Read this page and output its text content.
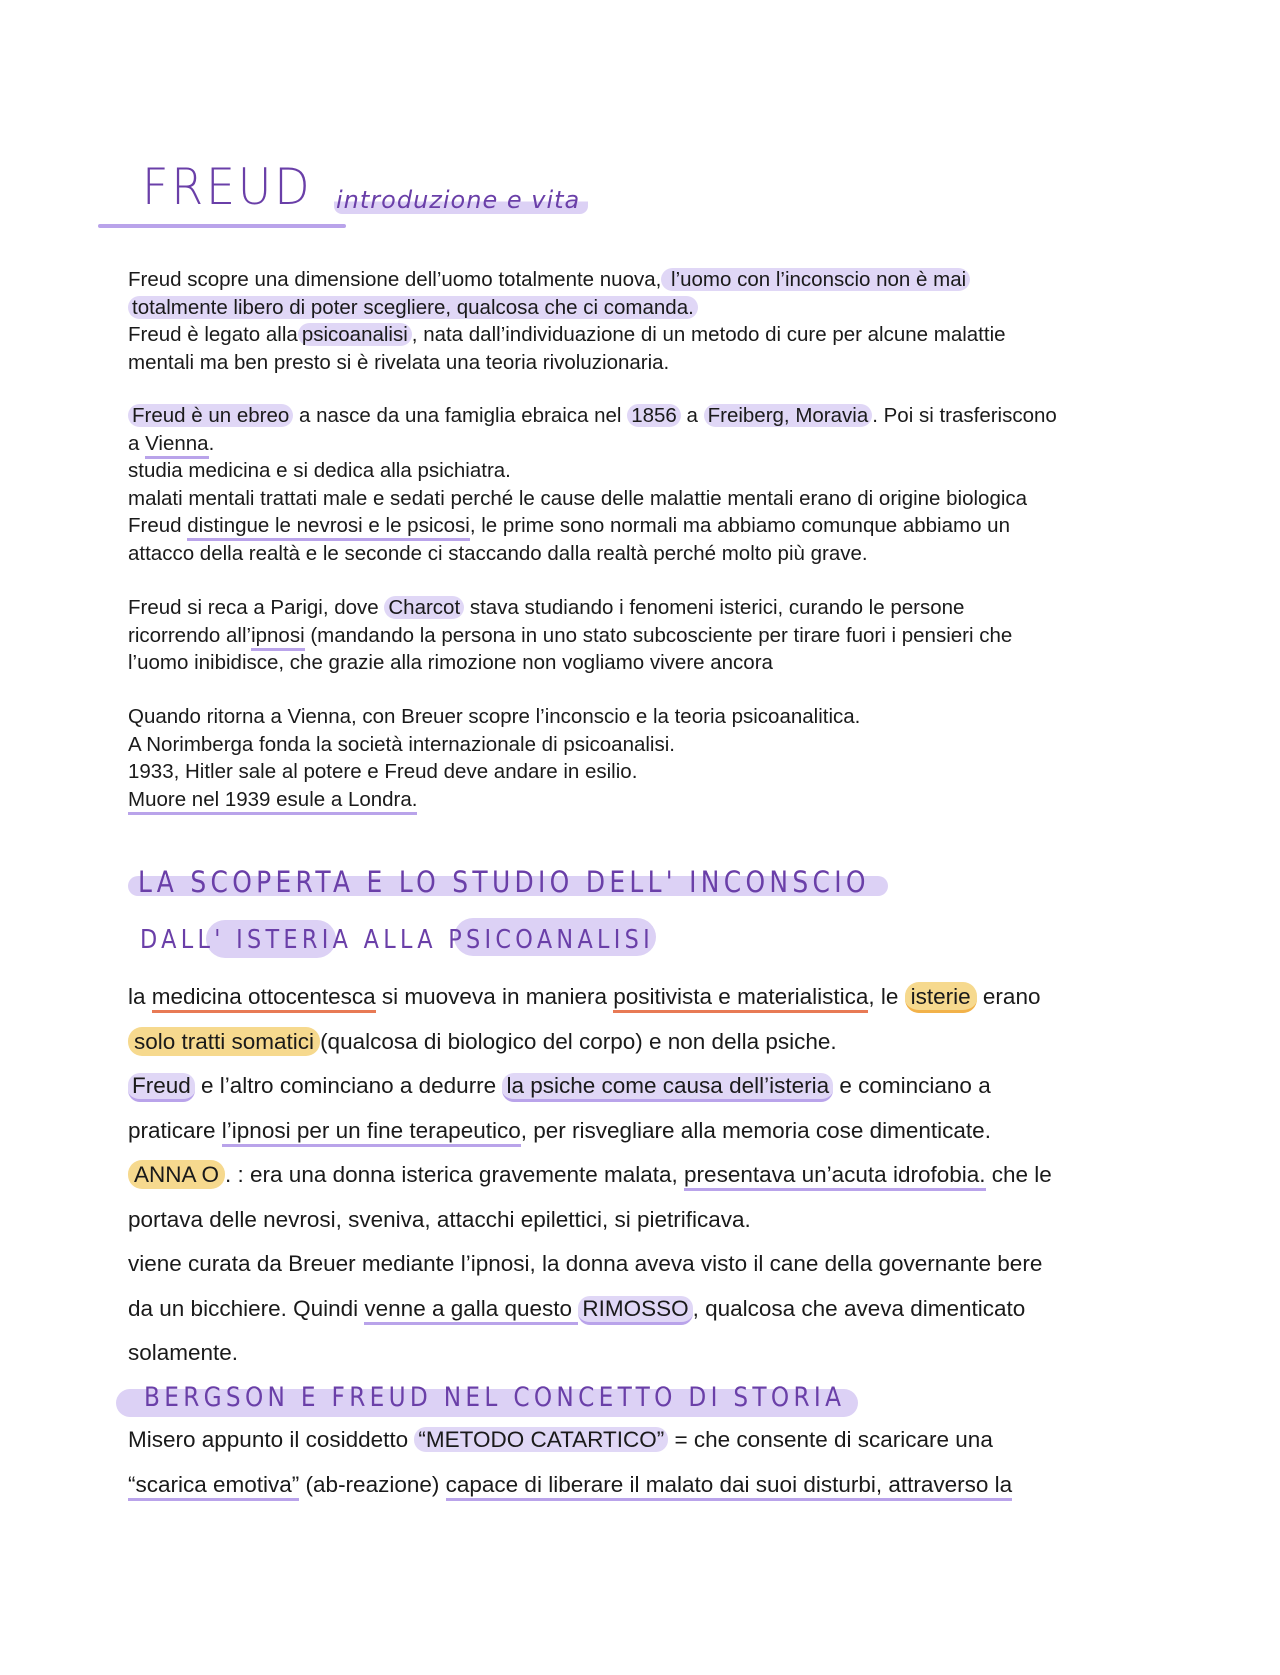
FREUD introduzione e vita
Freud scopre una dimensione dell’uomo totalmente nuova, l’uomo con l’inconscio non è mai
totalmente libero di poter scegliere, qualcosa che ci comanda.
Freud è legato alla psicoanalisi , nata dall’individuazione di un metodo di cure per alcune malattie
mentali ma ben presto si è rivelata una teoria rivoluzionaria.
Freud è un ebreo a nasce da una famiglia ebraica nel 1856 a Freiberg, Moravia . Poi si trasferiscono
a Vienna.
studia medicina e si dedica alla psichiatra.
malati mentali trattati male e sedati perché le cause delle malattie mentali erano di origine biologica
Freud distingue le nevrosi e le psicosi, le prime sono normali ma abbiamo comunque abbiamo un
attacco della realtà e le seconde ci staccando dalla realtà perché molto più grave.
Freud si reca a Parigi, dove Charcot stava studiando i fenomeni isterici, curando le persone
ricorrendo all’ipnosi (mandando la persona in uno stato subcosciente per tirare fuori i pensieri che
l’uomo inibidisce, che grazie alla rimozione non vogliamo vivere ancora
Quando ritorna a Vienna, con Breuer scopre l’inconscio e la teoria psicoanalitica.
A Norimberga fonda la società internazionale di psicoanalisi.
1933, Hitler sale al potere e Freud deve andare in esilio.
Muore nel 1939 esule a Londra.
LA SCOPERTA E LO STUDIO DELL' INCONSCIO
DALL' ISTERIA ALLA PSICOANALISI
la medicina ottocentesca si muoveva in maniera positivista e materialistica, le isterie erano
solo tratti somatici (qualcosa di biologico del corpo) e non della psiche.
Freud e l’altro cominciano a dedurre la psiche come causa dell’isteria e cominciano a
praticare l’ipnosi per un fine terapeutico, per risvegliare alla memoria cose dimenticate.
ANNA O . : era una donna isterica gravemente malata, presentava un’acuta idrofobia. che le
portava delle nevrosi, sveniva, attacchi epilettici, si pietrificava.
viene curata da Breuer mediante l’ipnosi, la donna aveva visto il cane della governante bere
da un bicchiere. Quindi venne a galla questo RIMOSSO , qualcosa che aveva dimenticato
solamente.
BERGSON E FREUD NEL CONCETTO DI STORIA
Misero appunto il cosiddetto “METODO CATARTICO” = che consente di scaricare una
“scarica emotiva” (ab-reazione) capace di liberare il malato dai suoi disturbi, attraverso la
